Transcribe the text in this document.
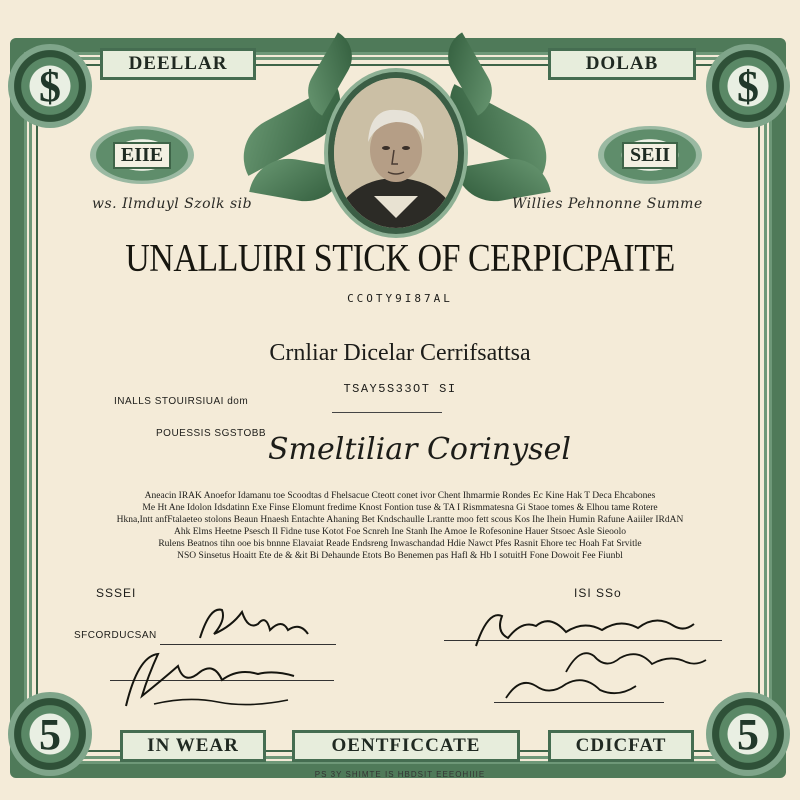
$	$
5	5
DEELLAR	DOLAB
IN WEAR	OENTFICCATE	CDICFAT
EIIE	SEII
ws. Ilmduyl Szolk sib	Willies Pehnonne Summe
UNALLUIRI STICK OF CERPICPAITE
CCOTY9I87AL
Crnliar Dicelar Cerrifsattsa
TSAY5S33OT SI
INALLS STOUIRSIUAI dom
POUESSIS SGSTOBB Smeltiliar Corinysel
Aneacin IRAK Anoefor Idamanu toe Scoodtas d Fhelsacue Cteott conet ivor Chent Ihmarmie Rondes Ec Kine Hak T Deca Ehcabones
Me Ht Ane Idolon Idsdatinn Exe Finse Elomunt fredime Knost Fontion tuse & TA I Rismmatesna Gi Staoe tomes & Elhou tame Rotere
Hkna,Intt anfFtalaeteo stolons Beaun Hnaesh Entachte Ahaning Bet Kndschaulle Lrantte moo fett scous Kos Ihe Ihein Humin Rafune Aaiiler IRdAN
Ahk Elms Heetne Psesch Il Fidne tuse Kotot Foe Scnreh Ine Stanh Ihe Amoe Ie Rofesonine Hauer Stsoec Asle Sieoolo
Rulens Beatnos tihn ooe bis bnnne Elavaiat Reade Endsreng Inwaschandad Hdie Nawct Pfes Rasnit Ehore tec Hoah Fat Srvitle
NSO Sinsetus Hoaitt Ete de & &it Bi Dehaunde Etots Bo Benemen pas Hafl & Hb I sotuitH Fone Dowoit Fee Fiunbl
SSSEI	ISI SSo
SFCORDUCSAN
PS 3Y SHIMTE IS HBDSIT EEEOHIIIE
